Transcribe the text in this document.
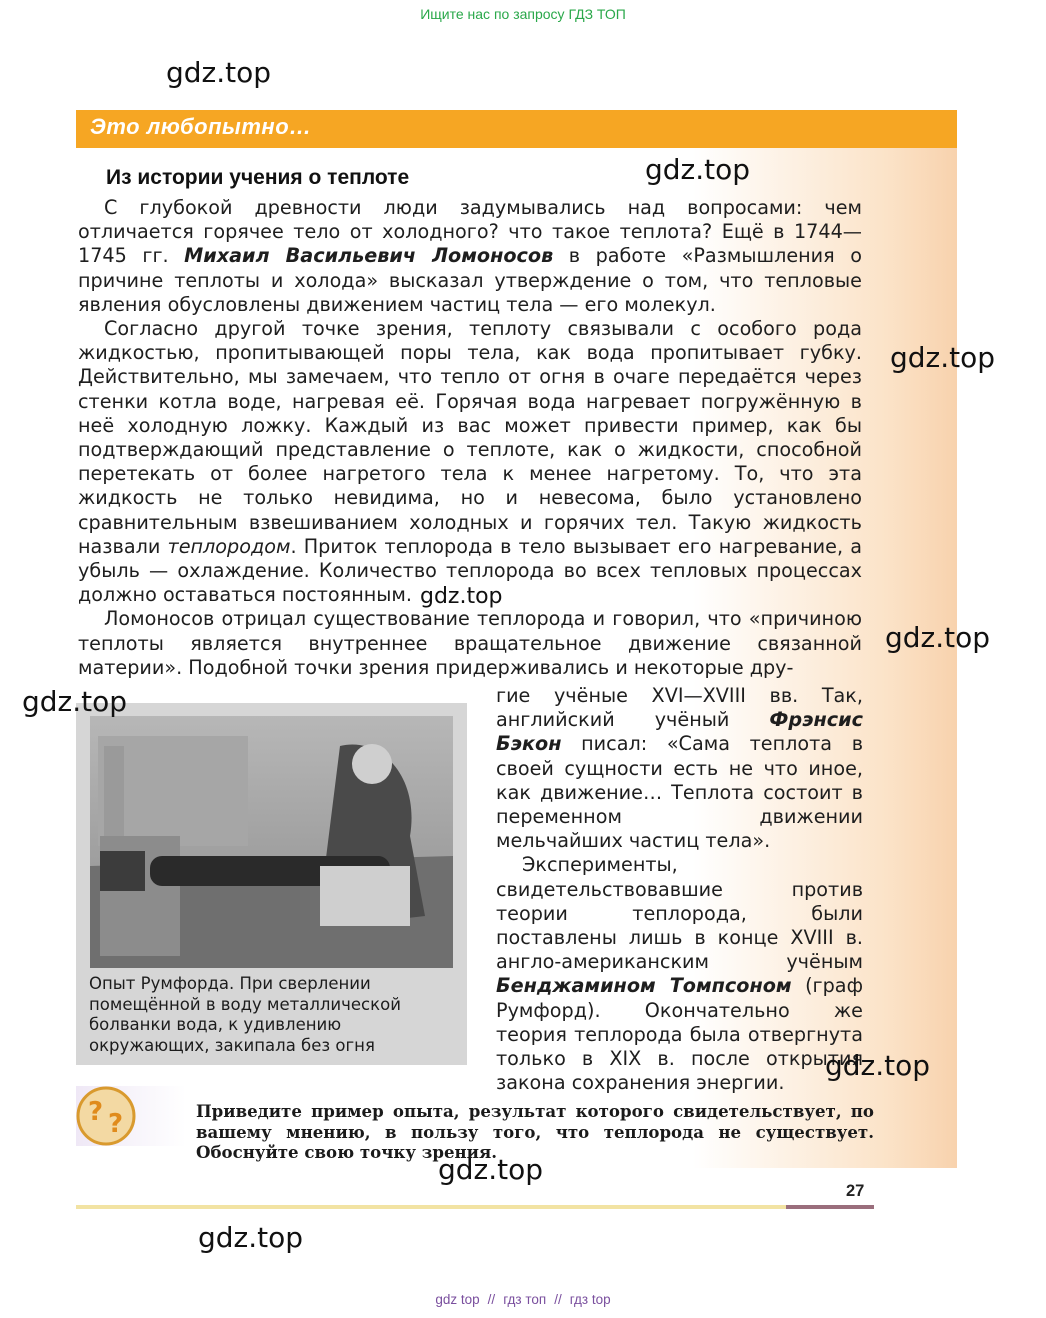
Ищите нас по запросу ГДЗ ТОП
Это любопытно…
Из истории учения о теплоте

С глубокой древности люди задумывались над вопросами: чем отличается горячее тело от холодного? что такое теплота? Ещё в 1744—1745 гг. Михаил Васильевич Ломоносов в работе «Размышления о причине теплоты и холода» высказал утверждение о том, что тепловые явления обусловлены движением частиц тела — его молекул.

Согласно другой точке зрения, теплоту связывали с особого рода жидкостью, пропитывающей поры тела, как вода пропитывает губку. Действительно, мы замечаем, что тепло от огня в очаге передаётся через стенки котла воде, нагревая её. Горячая вода нагревает погружённую в неё холодную ложку. Каждый из вас может привести пример, как бы подтверждающий представление о теплоте, как о жидкости, способной перетекать от более нагретого тела к менее нагретому. То, что эта жидкость не только невидима, но и невесома, было установлено сравнительным взвешиванием холодных и горячих тел. Такую жидкость назвали теплородом. Приток теплорода в тело вызывает его нагревание, а убыль — охлаждение. Количество теплорода во всех тепловых процессах должно оставаться постоянным.

Ломоносов отрицал существование теплорода и говорил, что «причиною теплоты является внутреннее вращательное движение связанной материи». Подобной точки зрения придерживались и некоторые дру-

Опыт Румфорда. При сверлении помещённой в воду металлической болванки вода, к удивлению окружающих, закипала без огня

гие учёные XVI—XVIII вв. Так, английский учёный Фрэнсис Бэкон писал: «Сама теплота в своей сущности есть не что иное, как движение… Теплота состоит в переменном движении мельчайших частиц тела».

Эксперименты, свидетельствовавшие против теории теплорода, были поставлены лишь в конце XVIII в. англо-американским учёным Бенджамином Томпсоном (граф Румфорд). Окончательно же теория теплорода была отвергнута только в XIX в. после открытия закона сохранения энергии.

? ?	Приведите пример опыта, результат которого свидетельствует, по вашему мнению, в пользу того, что теплорода не существует. Обоснуйте свою точку зрения.
27
gdz.top
gdz.top
gdz.top
gdz.top
gdz.top
gdz.top
gdz.top
gdz.top
gdz.top
gdz top // гдз топ // гдз top
